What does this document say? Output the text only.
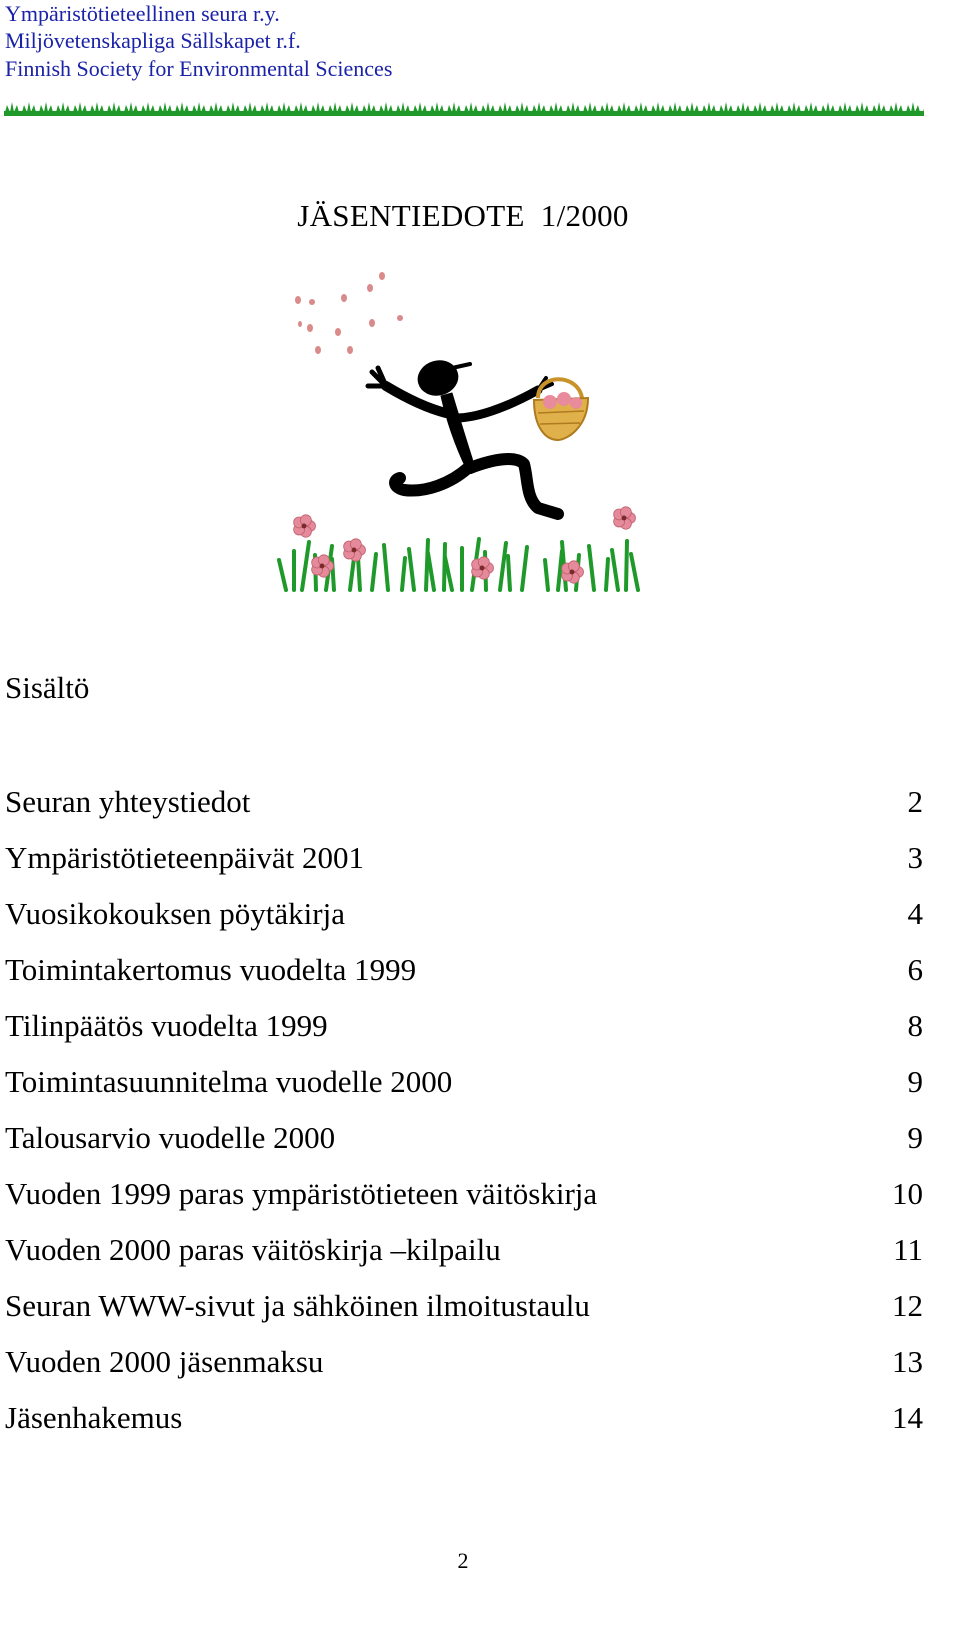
Ympäristötieteellinen seura r.y.
Miljövetenskapliga Sällskapet r.f.
Finnish Society for Environmental Sciences
JÄSENTIEDOTE  1/2000
Sisältö
Seuran yhteystiedot	2
Ympäristötieteenpäivät 2001	3
Vuosikokouksen pöytäkirja	4
Toimintakertomus vuodelta 1999	6
Tilinpäätös vuodelta 1999	8
Toimintasuunnitelma vuodelle 2000	9
Talousarvio vuodelle 2000	9
Vuoden 1999 paras ympäristötieteen väitöskirja	10
Vuoden 2000 paras väitöskirja –kilpailu	11
Seuran WWW-sivut ja sähköinen ilmoitustaulu	12
Vuoden 2000 jäsenmaksu	13
Jäsenhakemus	14
2
